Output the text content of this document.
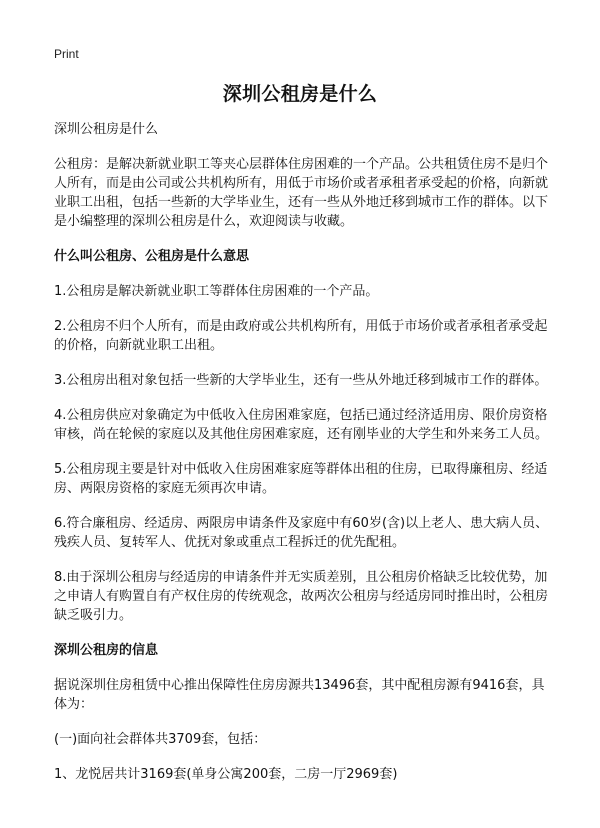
Print
深圳公租房是什么

深圳公租房是什么

公租房：是解决新就业职工等夹心层群体住房困难的一个产品。公共租赁住房不是归个人所有，而是由公司或公共机构所有，用低于市场价或者承租者承受起的价格，向新就业职工出租，包括一些新的大学毕业生，还有一些从外地迁移到城市工作的群体。以下是小编整理的深圳公租房是什么，欢迎阅读与收藏。

什么叫公租房、公租房是什么意思

1.公租房是解决新就业职工等群体住房困难的一个产品。

2.公租房不归个人所有，而是由政府或公共机构所有，用低于市场价或者承租者承受起的价格，向新就业职工出租。

3.公租房出租对象包括一些新的大学毕业生，还有一些从外地迁移到城市工作的群体。

4.公租房供应对象确定为中低收入住房困难家庭，包括已通过经济适用房、限价房资格审核，尚在轮候的家庭以及其他住房困难家庭，还有刚毕业的大学生和外来务工人员。

5.公租房现主要是针对中低收入住房困难家庭等群体出租的住房，已取得廉租房、经适房、两限房资格的家庭无须再次申请。

6.符合廉租房、经适房、两限房申请条件及家庭中有60岁(含)以上老人、患大病人员、残疾人员、复转军人、优抚对象或重点工程拆迁的优先配租。

8.由于深圳公租房与经适房的申请条件并无实质差别，且公租房价格缺乏比较优势，加之申请人有购置自有产权住房的传统观念，故两次公租房与经适房同时推出时，公租房缺乏吸引力。

深圳公租房的信息

据说深圳住房租赁中心推出保障性住房房源共13496套，其中配租房源有9416套，具体为：

(一)面向社会群体共3709套，包括：

1、龙悦居共计3169套(单身公寓200套，二房一厅2969套)
